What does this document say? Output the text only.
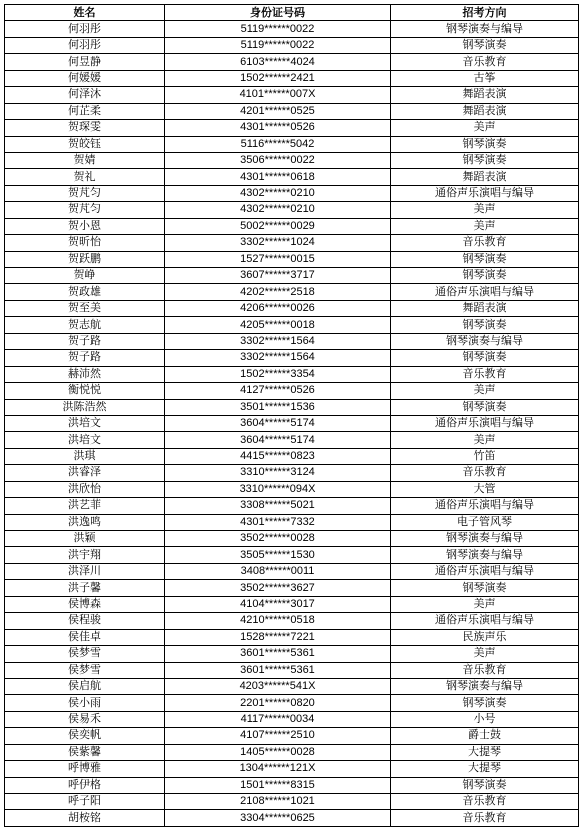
姓名	身份证号码	招考方向
何羽彤	5119******0022	钢琴演奏与编导
何羽彤	5119******0022	钢琴演奏
何昱静	6103******4024	音乐教育
何媛媛	1502******2421	古筝
何泽沐	4101******007X	舞蹈表演
何芷柔	4201******0525	舞蹈表演
贺琛雯	4301******0526	美声
贺皎钰	5116******5042	钢琴演奏
贺婧	3506******0022	钢琴演奏
贺礼	4301******0618	舞蹈表演
贺芃匀	4302******0210	通俗声乐演唱与编导
贺芃匀	4302******0210	美声
贺小恩	5002******0029	美声
贺昕怡	3302******1024	音乐教育
贺跃鹏	1527******0015	钢琴演奏
贺峥	3607******3717	钢琴演奏
贺政雄	4202******2518	通俗声乐演唱与编导
贺至美	4206******0026	舞蹈表演
贺志航	4205******0018	钢琴演奏
贺子路	3302******1564	钢琴演奏与编导
贺子路	3302******1564	钢琴演奏
赫沛然	1502******3354	音乐教育
衡悦悦	4127******0526	美声
洪陈浩然	3501******1536	钢琴演奏
洪培文	3604******5174	通俗声乐演唱与编导
洪培文	3604******5174	美声
洪琪	4415******0823	竹笛
洪睿泽	3310******3124	音乐教育
洪欣怡	3310******094X	大管
洪艺菲	3308******5021	通俗声乐演唱与编导
洪逸鸣	4301******7332	电子管风琴
洪颖	3502******0028	钢琴演奏与编导
洪宇翔	3505******1530	钢琴演奏与编导
洪泽川	3408******0011	通俗声乐演唱与编导
洪子馨	3502******3627	钢琴演奏
侯博森	4104******3017	美声
侯程骏	4210******0518	通俗声乐演唱与编导
侯佳卓	1528******7221	民族声乐
侯梦雪	3601******5361	美声
侯梦雪	3601******5361	音乐教育
侯启航	4203******541X	钢琴演奏与编导
侯小雨	2201******0820	钢琴演奏
侯易禾	4117******0034	小号
侯奕帆	4107******2510	爵士鼓
侯紫馨	1405******0028	大提琴
呼博雅	1304******121X	大提琴
呼伊格	1501******8315	钢琴演奏
呼子阳	2108******1021	音乐教育
胡桉铭	3304******0625	音乐教育
